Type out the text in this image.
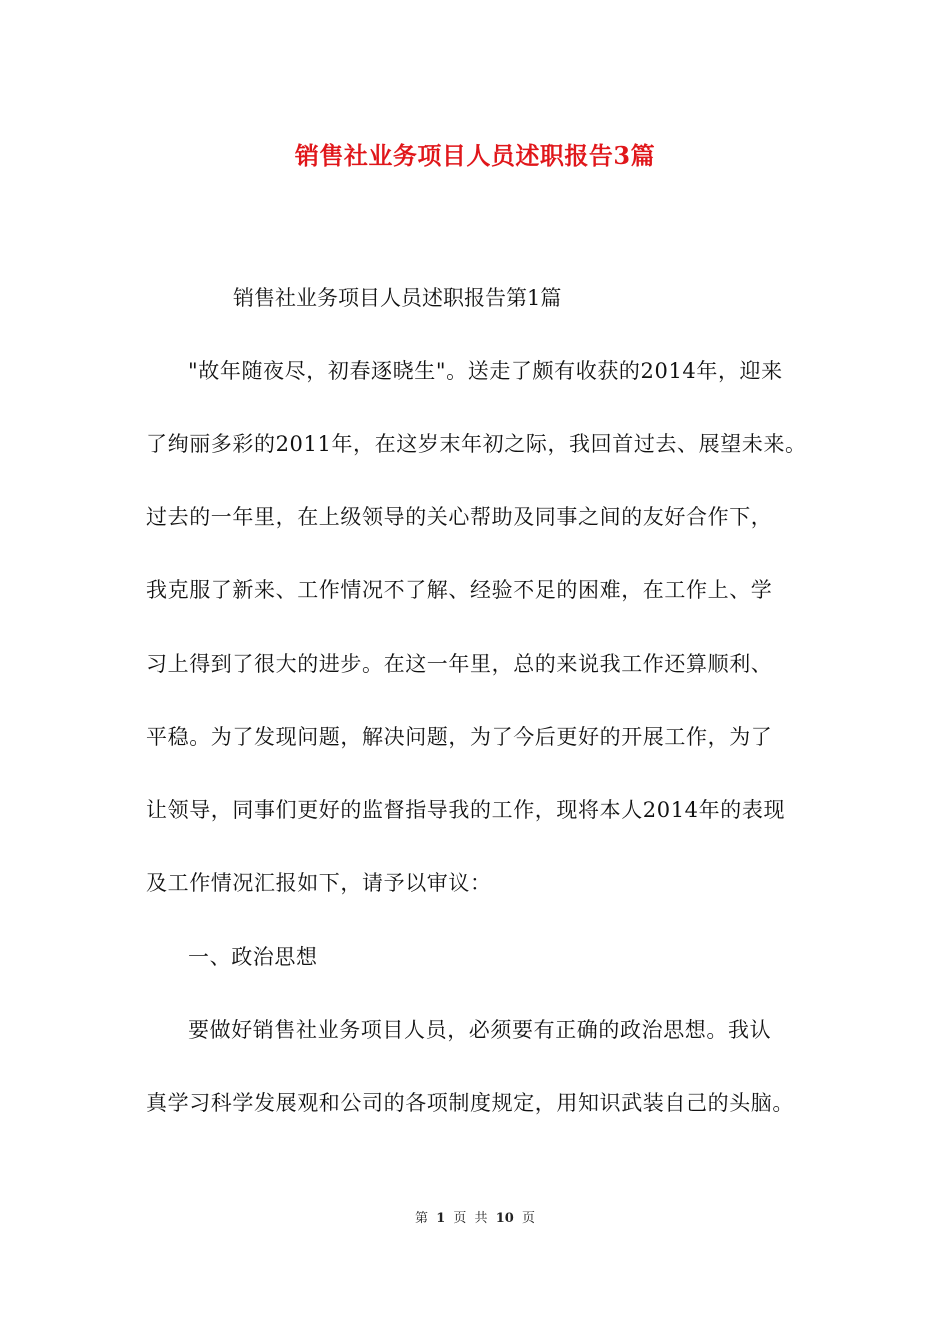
销售社业务项目人员述职报告3篇
销售社业务项目人员述职报告第1篇
"故年随夜尽，初春逐晓生"。送走了颇有收获的2014年，迎来
了绚丽多彩的2011年，在这岁末年初之际，我回首过去、展望未来。
过去的一年里，在上级领导的关心帮助及同事之间的友好合作下，
我克服了新来、工作情况不了解、经验不足的困难，在工作上、学
习上得到了很大的进步。在这一年里，总的来说我工作还算顺利、
平稳。为了发现问题，解决问题，为了今后更好的开展工作，为了
让领导，同事们更好的监督指导我的工作，现将本人2014年的表现
及工作情况汇报如下，请予以审议：
一、政治思想
要做好销售社业务项目人员，必须要有正确的政治思想。我认
真学习科学发展观和公司的各项制度规定，用知识武装自己的头脑。
第 1 页 共 10 页
